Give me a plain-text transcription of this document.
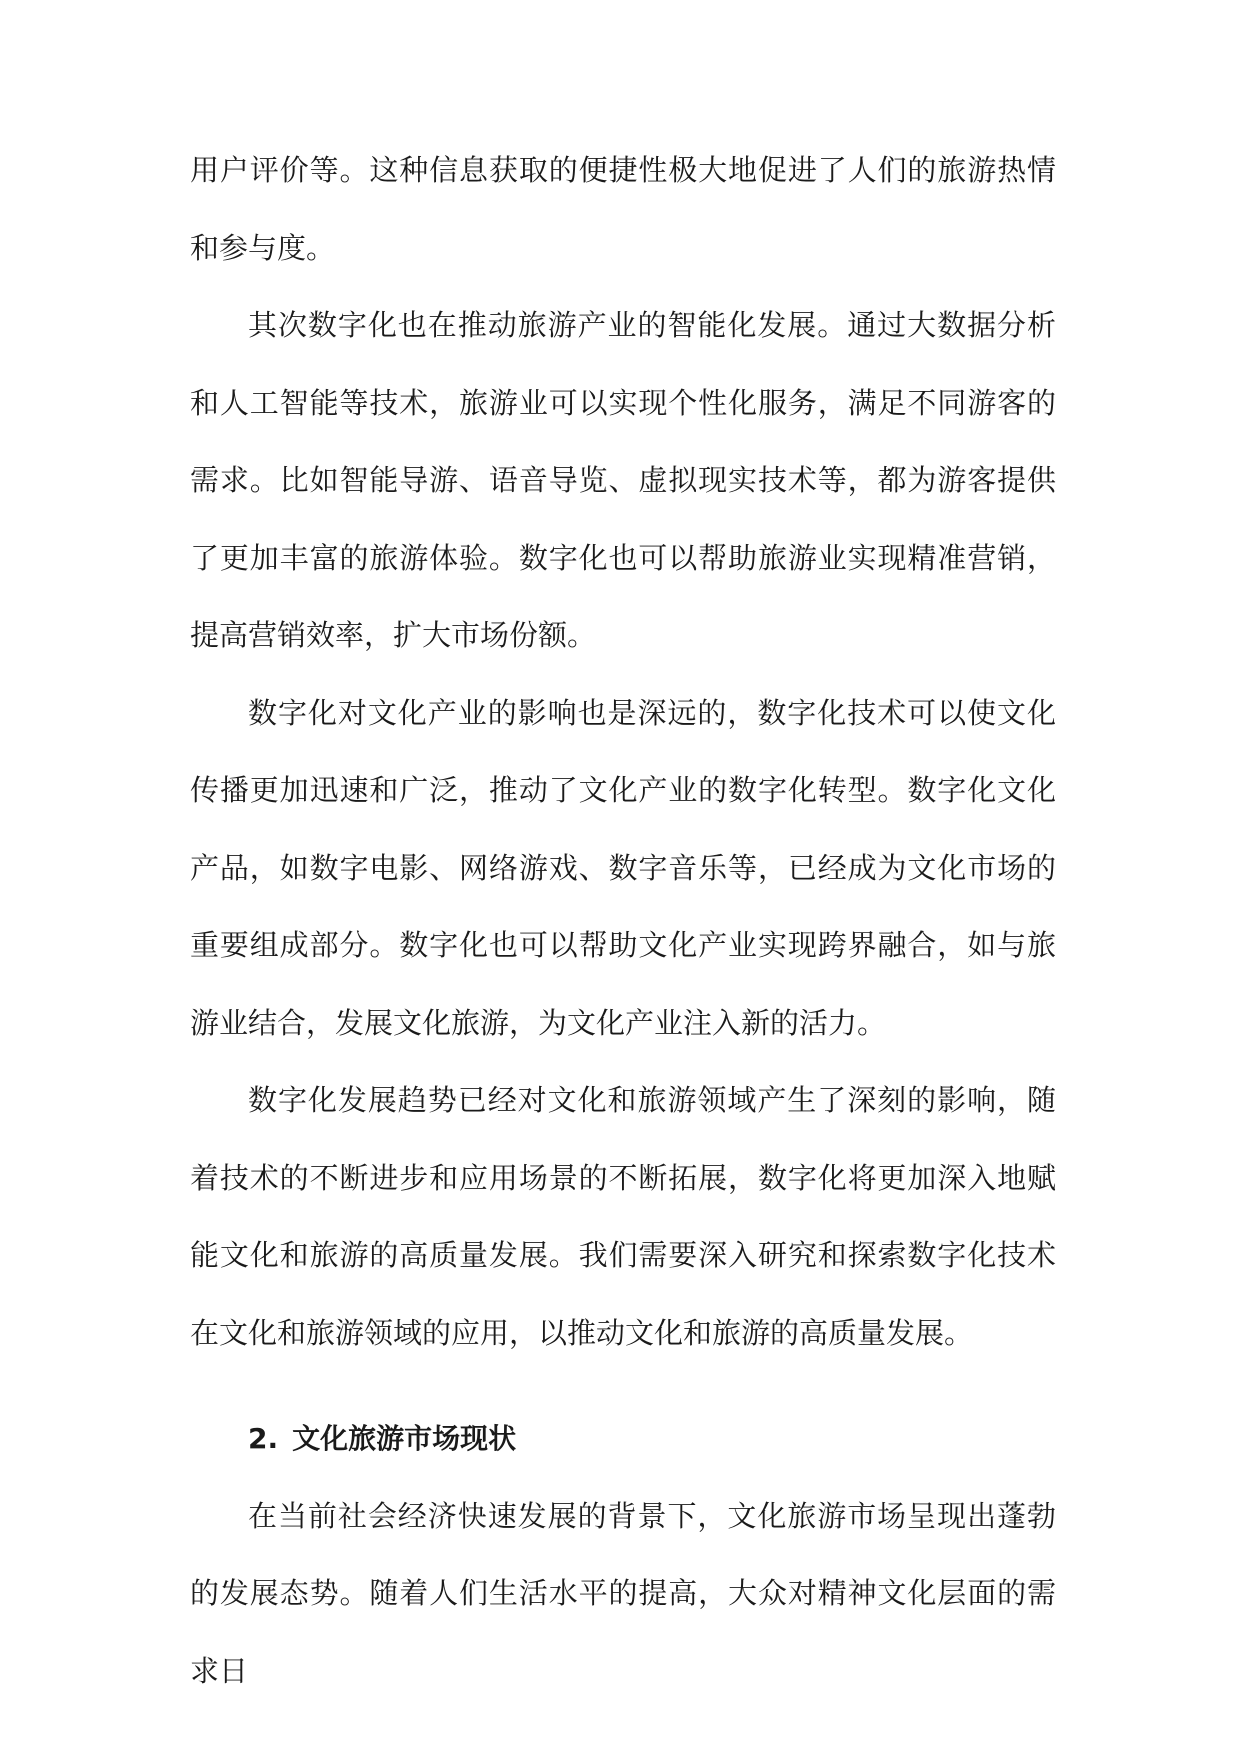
用户评价等。这种信息获取的便捷性极大地促进了人们的旅游热情和参与度。

其次数字化也在推动旅游产业的智能化发展。通过大数据分析和人工智能等技术，旅游业可以实现个性化服务，满足不同游客的需求。比如智能导游、语音导览、虚拟现实技术等，都为游客提供了更加丰富的旅游体验。数字化也可以帮助旅游业实现精准营销，提高营销效率，扩大市场份额。

数字化对文化产业的影响也是深远的，数字化技术可以使文化传播更加迅速和广泛，推动了文化产业的数字化转型。数字化文化产品，如数字电影、网络游戏、数字音乐等，已经成为文化市场的重要组成部分。数字化也可以帮助文化产业实现跨界融合，如与旅游业结合，发展文化旅游，为文化产业注入新的活力。

数字化发展趋势已经对文化和旅游领域产生了深刻的影响，随着技术的不断进步和应用场景的不断拓展，数字化将更加深入地赋能文化和旅游的高质量发展。我们需要深入研究和探索数字化技术在文化和旅游领域的应用，以推动文化和旅游的高质量发展。

2. 文化旅游市场现状

在当前社会经济快速发展的背景下，文化旅游市场呈现出蓬勃的发展态势。随着人们生活水平的提高，大众对精神文化层面的需求日
